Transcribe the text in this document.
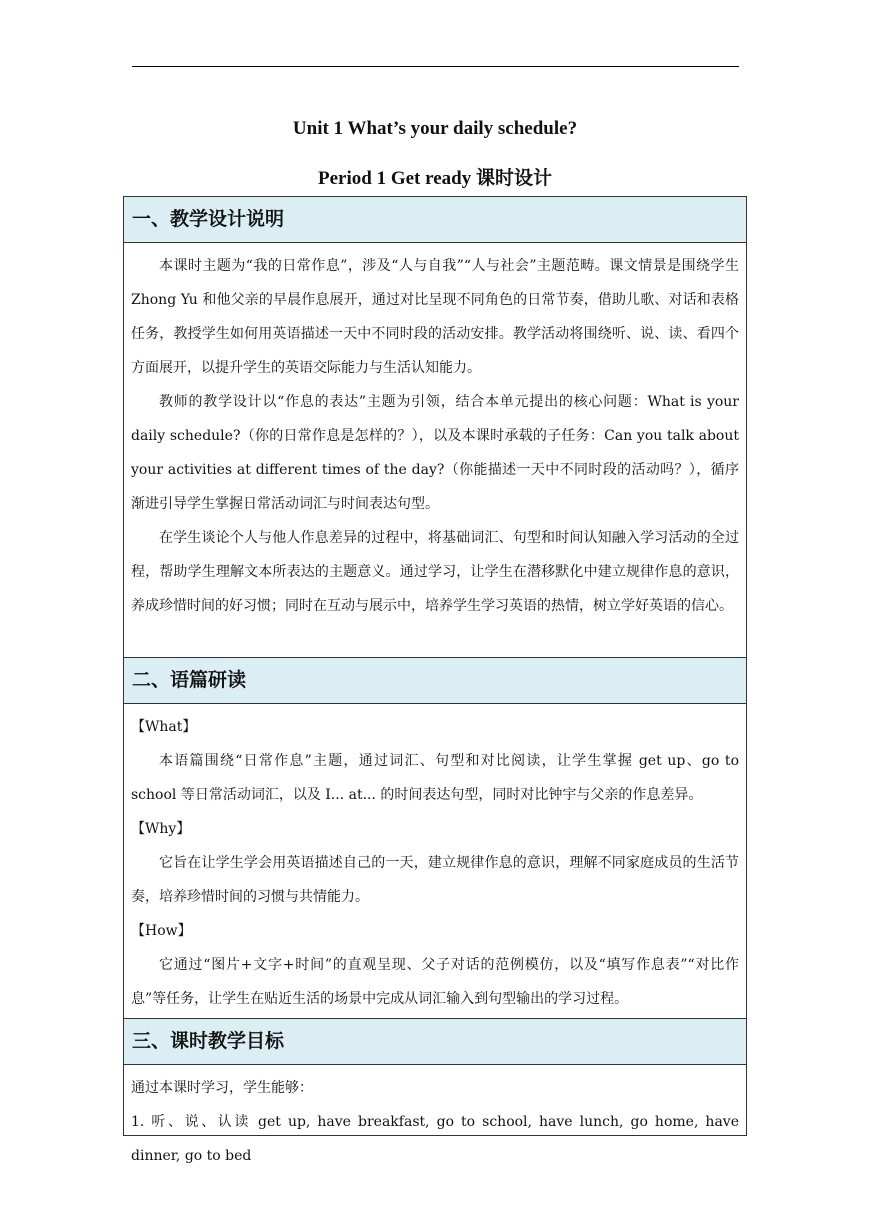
Unit 1 What’s your daily schedule?
Period 1 Get ready 课时设计
一、教学设计说明

本课时主题为“我的日常作息”，涉及“人与自我”“人与社会”主题范畴。课文情景是围绕学生 Zhong Yu 和他父亲的早晨作息展开，通过对比呈现不同角色的日常节奏，借助儿歌、对话和表格任务，教授学生如何用英语描述一天中不同时段的活动安排。教学活动将围绕听、说、读、看四个方面展开，以提升学生的英语交际能力与生活认知能力。

教师的教学设计以“作息的表达”主题为引领，结合本单元提出的核心问题：What is your daily schedule?（你的日常作息是怎样的？），以及本课时承载的子任务：Can you talk about your activities at different times of the day?（你能描述一天中不同时段的活动吗？），循序渐进引导学生掌握日常活动词汇与时间表达句型。

在学生谈论个人与他人作息差异的过程中，将基础词汇、句型和时间认知融入学习活动的全过程，帮助学生理解文本所表达的主题意义。通过学习，让学生在潜移默化中建立规律作息的意识，养成珍惜时间的好习惯；同时在互动与展示中，培养学生学习英语的热情，树立学好英语的信心。

二、语篇研读

【What】

本语篇围绕“日常作息”主题，通过词汇、句型和对比阅读，让学生掌握 get up、go to school 等日常活动词汇，以及 I... at... 的时间表达句型，同时对比钟宇与父亲的作息差异。

【Why】

它旨在让学生学会用英语描述自己的一天，建立规律作息的意识，理解不同家庭成员的生活节奏，培养珍惜时间的习惯与共情能力。

【How】

它通过“图片+文字+时间”的直观呈现、父子对话的范例模仿，以及“填写作息表”“对比作息”等任务，让学生在贴近生活的场景中完成从词汇输入到句型输出的学习过程。

三、课时教学目标

通过本课时学习，学生能够：

1. 听、说、认读 get up, have breakfast, go to school, have lunch, go home, have dinner, go to bed
